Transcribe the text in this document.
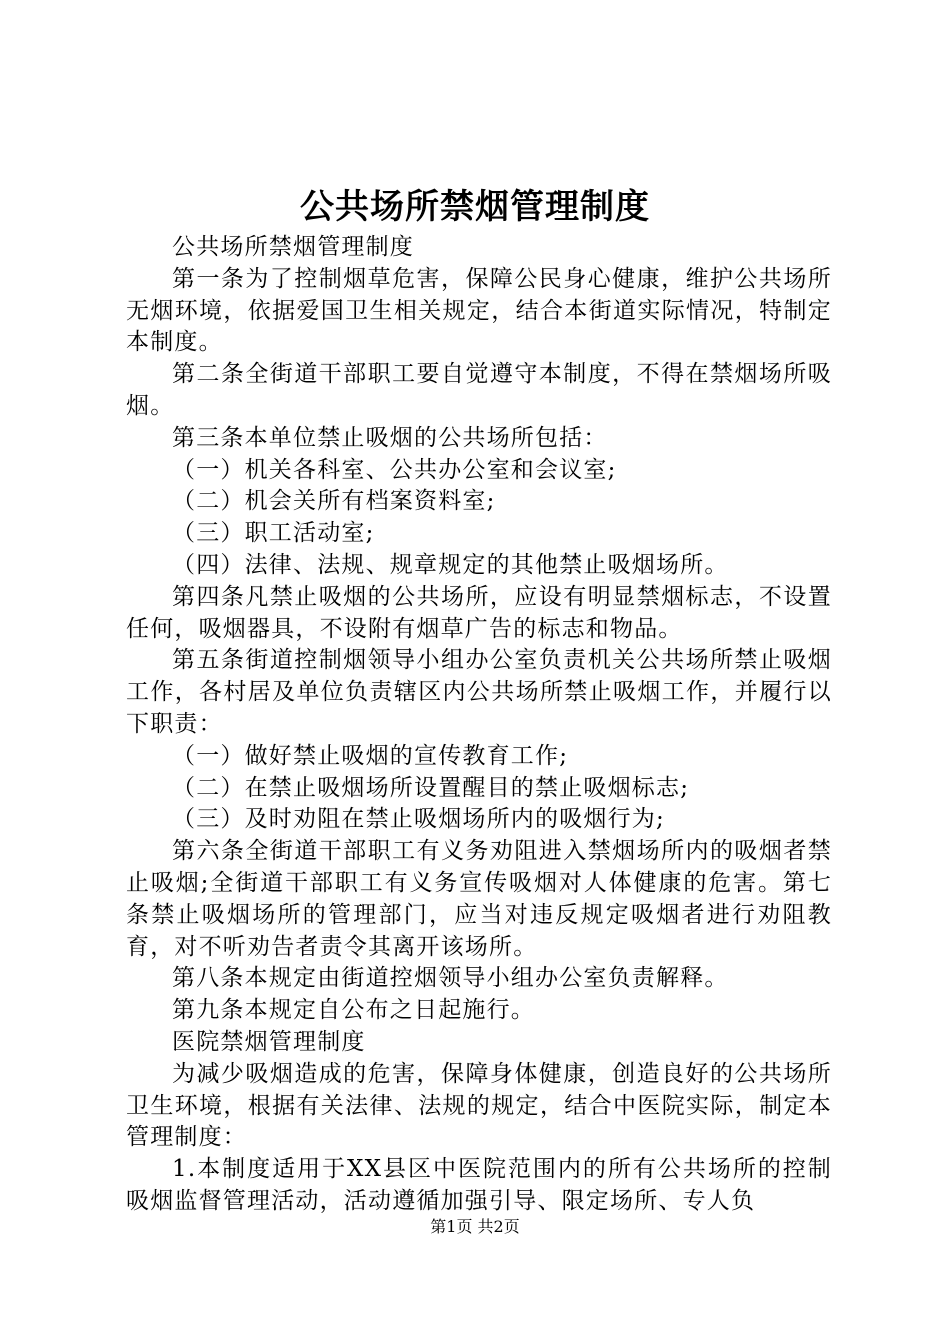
公共场所禁烟管理制度

公共场所禁烟管理制度

第一条为了控制烟草危害，保障公民身心健康，维护公共场所无烟环境，依据爱国卫生相关规定，结合本街道实际情况，特制定本制度。

第二条全街道干部职工要自觉遵守本制度，不得在禁烟场所吸烟。

第三条本单位禁止吸烟的公共场所包括：

（一）机关各科室、公共办公室和会议室;

（二）机会关所有档案资料室;

（三）职工活动室;

（四）法律、法规、规章规定的其他禁止吸烟场所。

第四条凡禁止吸烟的公共场所，应设有明显禁烟标志，不设置任何，吸烟器具，不设附有烟草广告的标志和物品。

第五条街道控制烟领导小组办公室负责机关公共场所禁止吸烟工作，各村居及单位负责辖区内公共场所禁止吸烟工作，并履行以下职责：

（一）做好禁止吸烟的宣传教育工作;

（二）在禁止吸烟场所设置醒目的禁止吸烟标志;

（三）及时劝阻在禁止吸烟场所内的吸烟行为;

第六条全街道干部职工有义务劝阻进入禁烟场所内的吸烟者禁止吸烟;全街道干部职工有义务宣传吸烟对人体健康的危害。第七条禁止吸烟场所的管理部门，应当对违反规定吸烟者进行劝阻教育，对不听劝告者责令其离开该场所。

第八条本规定由街道控烟领导小组办公室负责解释。

第九条本规定自公布之日起施行。

医院禁烟管理制度

为减少吸烟造成的危害，保障身体健康，创造良好的公共场所卫生环境，根据有关法律、法规的规定，结合中医院实际，制定本管理制度：

1.本制度适用于XX县区中医院范围内的所有公共场所的控制吸烟监督管理活动，活动遵循加强引导、限定场所、专人负

第1页 共2页
